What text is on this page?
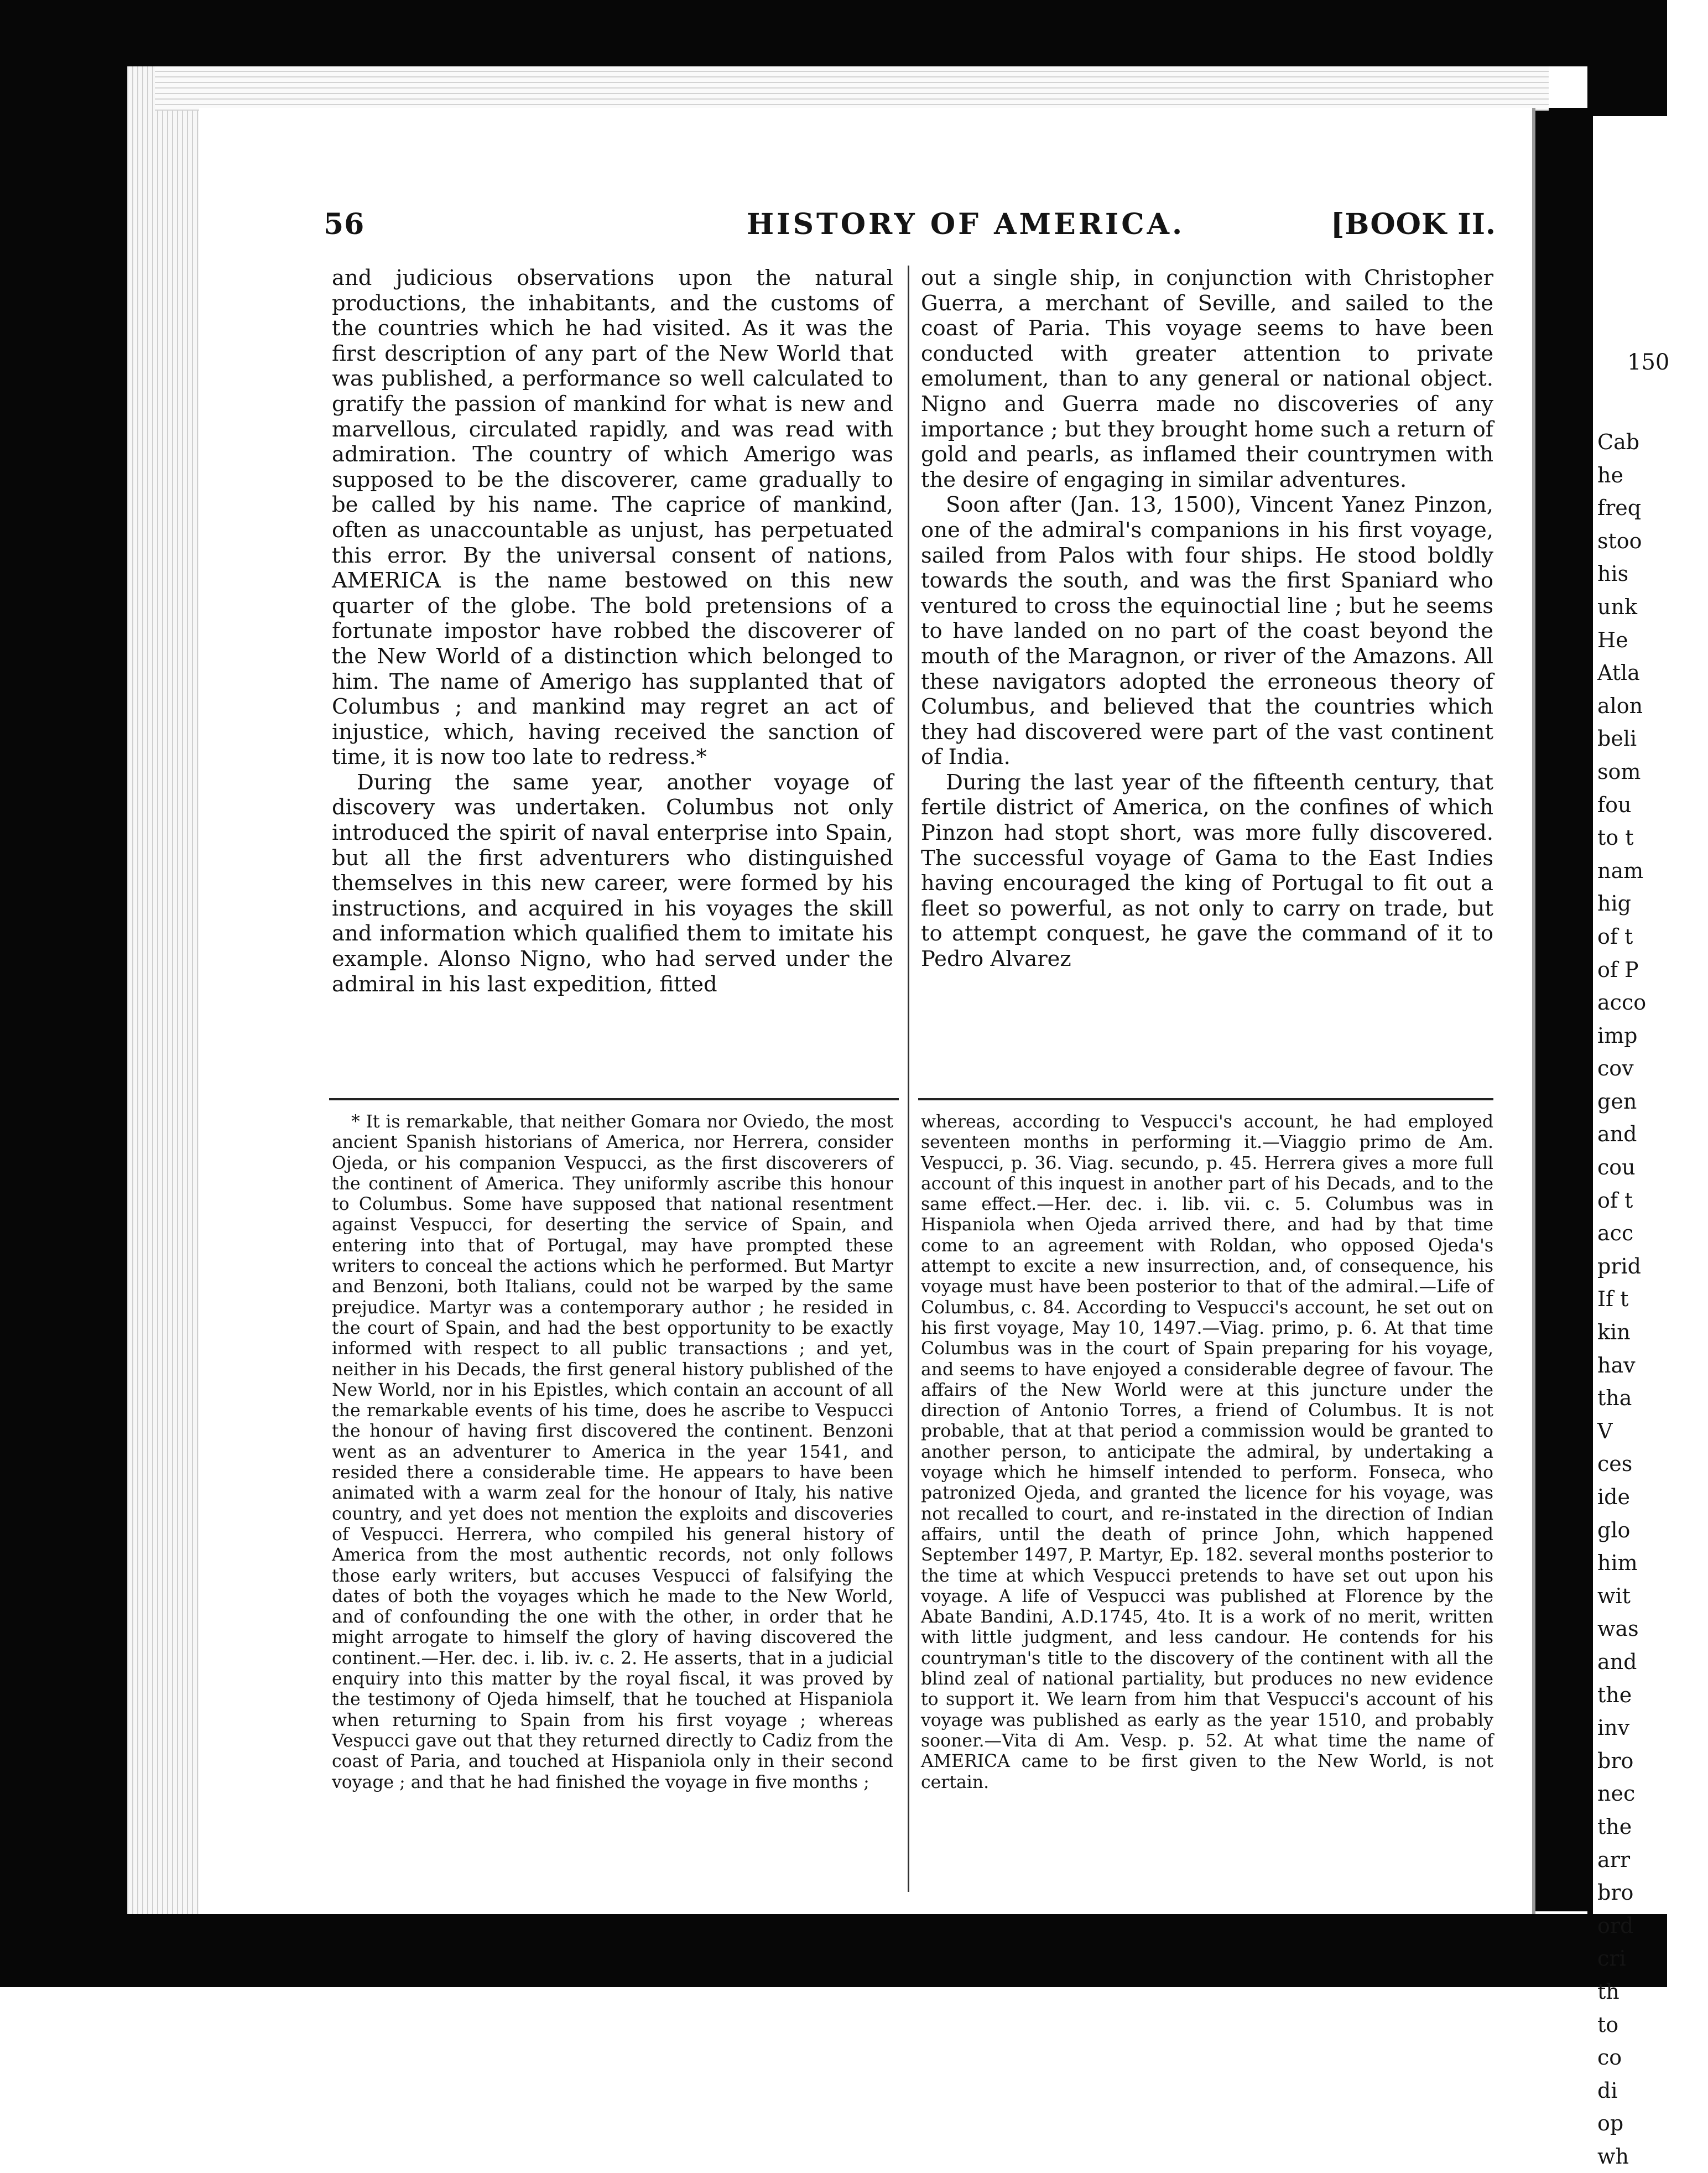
150
Cab
he
freq
stoo
his
unk
He
Atla
alon
beli
som
fou
to t
nam
hig
of t
of P
acco
imp
cov
gen
and
cou
of t
acc
prid
If t
kin
hav
tha
V
ces
ide
glo
him
wit
was
and
the
inv
bro
nec
the
arr
bro
ord
cri
th
to
co
di
op
wh
56	HISTORY OF AMERICA.	[BOOK II.

and judicious observations upon the natural productions, the inhabitants, and the customs of the countries which he had visited. As it was the first description of any part of the New World that was published, a performance so well calculated to gratify the passion of mankind for what is new and marvellous, circulated rapidly, and was read with admiration. The country of which Amerigo was supposed to be the discoverer, came gradually to be called by his name. The caprice of mankind, often as unaccountable as unjust, has perpetuated this error. By the universal consent of nations, AMERICA is the name bestowed on this new quarter of the globe. The bold pretensions of a fortunate impostor have robbed the discoverer of the New World of a distinction which belonged to him. The name of Amerigo has supplanted that of Columbus ; and mankind may regret an act of injustice, which, having received the sanction of time, it is now too late to redress.*

During the same year, another voyage of discovery was undertaken. Columbus not only introduced the spirit of naval enterprise into Spain, but all the first adventurers who distinguished themselves in this new career, were formed by his instructions, and acquired in his voyages the skill and information which qualified them to imitate his example. Alonso Nigno, who had served under the admiral in his last expedition, fitted

out a single ship, in conjunction with Christopher Guerra, a merchant of Seville, and sailed to the coast of Paria. This voyage seems to have been conducted with greater attention to private emolument, than to any general or national object. Nigno and Guerra made no discoveries of any importance ; but they brought home such a return of gold and pearls, as inflamed their countrymen with the desire of engaging in similar adventures.

Soon after (Jan. 13, 1500), Vincent Yanez Pinzon, one of the admiral's companions in his first voyage, sailed from Palos with four ships. He stood boldly towards the south, and was the first Spaniard who ventured to cross the equinoctial line ; but he seems to have landed on no part of the coast beyond the mouth of the Maragnon, or river of the Amazons. All these navigators adopted the erroneous theory of Columbus, and believed that the countries which they had discovered were part of the vast continent of India.

During the last year of the fifteenth century, that fertile district of America, on the confines of which Pinzon had stopt short, was more fully discovered. The successful voyage of Gama to the East Indies having encouraged the king of Portugal to fit out a fleet so powerful, as not only to carry on trade, but to attempt conquest, he gave the command of it to Pedro Alvarez

* It is remarkable, that neither Gomara nor Oviedo, the most ancient Spanish historians of America, nor Herrera, consider Ojeda, or his companion Vespucci, as the first discoverers of the continent of America. They uniformly ascribe this honour to Columbus. Some have supposed that national resentment against Vespucci, for deserting the service of Spain, and entering into that of Portugal, may have prompted these writers to conceal the actions which he performed. But Martyr and Benzoni, both Italians, could not be warped by the same prejudice. Martyr was a contemporary author ; he resided in the court of Spain, and had the best opportunity to be exactly informed with respect to all public transactions ; and yet, neither in his Decads, the first general history published of the New World, nor in his Epistles, which contain an account of all the remarkable events of his time, does he ascribe to Vespucci the honour of having first discovered the continent. Benzoni went as an adventurer to America in the year 1541, and resided there a considerable time. He appears to have been animated with a warm zeal for the honour of Italy, his native country, and yet does not mention the exploits and discoveries of Vespucci. Herrera, who compiled his general history of America from the most authentic records, not only follows those early writers, but accuses Vespucci of falsifying the dates of both the voyages which he made to the New World, and of confounding the one with the other, in order that he might arrogate to himself the glory of having discovered the continent.—Her. dec. i. lib. iv. c. 2. He asserts, that in a judicial enquiry into this matter by the royal fiscal, it was proved by the testimony of Ojeda himself, that he touched at Hispaniola when returning to Spain from his first voyage ; whereas Vespucci gave out that they returned directly to Cadiz from the coast of Paria, and touched at Hispaniola only in their second voyage ; and that he had finished the voyage in five months ;

whereas, according to Vespucci's account, he had employed seventeen months in performing it.—Viaggio primo de Am. Vespucci, p. 36. Viag. secundo, p. 45. Herrera gives a more full account of this inquest in another part of his Decads, and to the same effect.—Her. dec. i. lib. vii. c. 5. Columbus was in Hispaniola when Ojeda arrived there, and had by that time come to an agreement with Roldan, who opposed Ojeda's attempt to excite a new insurrection, and, of consequence, his voyage must have been posterior to that of the admiral.—Life of Columbus, c. 84. According to Vespucci's account, he set out on his first voyage, May 10, 1497.—Viag. primo, p. 6. At that time Columbus was in the court of Spain preparing for his voyage, and seems to have enjoyed a considerable degree of favour. The affairs of the New World were at this juncture under the direction of Antonio Torres, a friend of Columbus. It is not probable, that at that period a commission would be granted to another person, to anticipate the admiral, by undertaking a voyage which he himself intended to perform. Fonseca, who patronized Ojeda, and granted the licence for his voyage, was not recalled to court, and re-instated in the direction of Indian affairs, until the death of prince John, which happened September 1497, P. Martyr, Ep. 182. several months posterior to the time at which Vespucci pretends to have set out upon his voyage. A life of Vespucci was published at Florence by the Abate Bandini, A.D.1745, 4to. It is a work of no merit, written with little judgment, and less candour. He contends for his countryman's title to the discovery of the continent with all the blind zeal of national partiality, but produces no new evidence to support it. We learn from him that Vespucci's account of his voyage was published as early as the year 1510, and probably sooner.—Vita di Am. Vesp. p. 52. At what time the name of AMERICA came to be first given to the New World, is not certain.
